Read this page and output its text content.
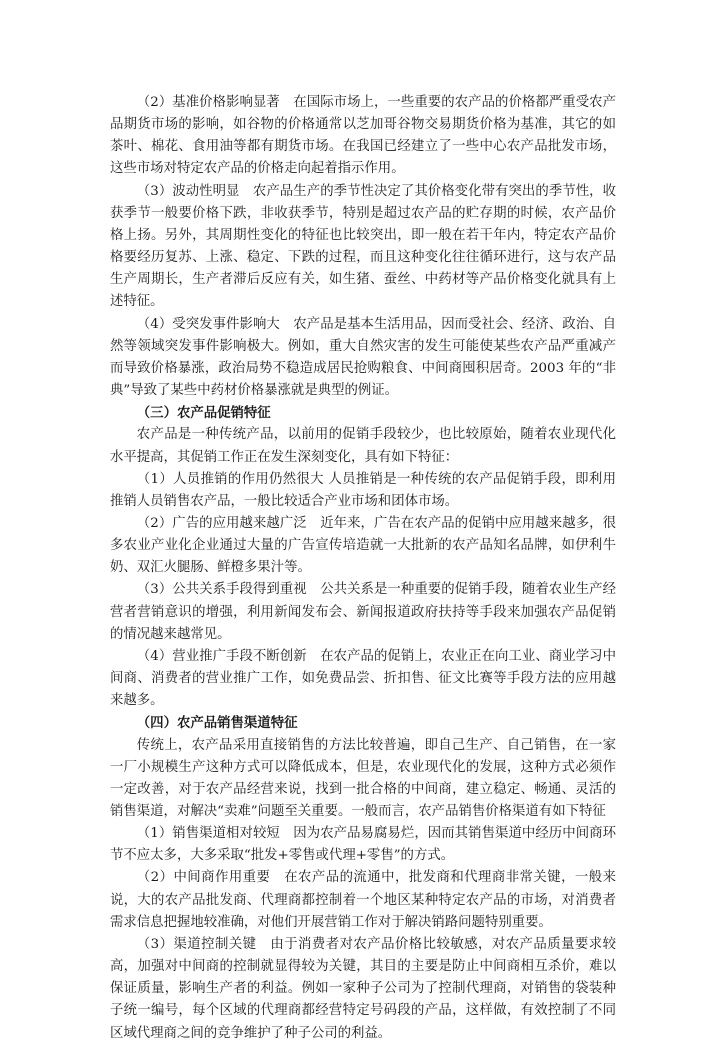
（2）基准价格影响显著　在国际市场上，一些重要的农产品的价格都严重受农产品期货市场的影响，如谷物的价格通常以芝加哥谷物交易期货价格为基准，其它的如茶叶、棉花、食用油等都有期货市场。在我国已经建立了一些中心农产品批发市场，这些市场对特定农产品的价格走向起着指示作用。

（3）波动性明显　农产品生产的季节性决定了其价格变化带有突出的季节性，收获季节一般要价格下跌，非收获季节，特别是超过农产品的贮存期的时候，农产品价格上扬。另外，其周期性变化的特征也比较突出，即一般在若干年内，特定农产品价格要经历复苏、上涨、稳定、下跌的过程，而且这种变化往往循环进行，这与农产品生产周期长，生产者滞后反应有关，如生猪、蚕丝、中药材等产品价格变化就具有上述特征。

（4）受突发事件影响大　农产品是基本生活用品，因而受社会、经济、政治、自然等领域突发事件影响极大。例如，重大自然灾害的发生可能使某些农产品严重减产而导致价格暴涨，政治局势不稳造成居民抢购粮食、中间商囤积居奇。2003 年的“非典”导致了某些中药材价格暴涨就是典型的例证。

（三）农产品促销特征

农产品是一种传统产品，以前用的促销手段较少，也比较原始，随着农业现代化水平提高，其促销工作正在发生深刻变化，具有如下特征：

（1）人员推销的作用仍然很大 人员推销是一种传统的农产品促销手段，即利用推销人员销售农产品，一般比较适合产业市场和团体市场。

（2）广告的应用越来越广泛　近年来，广告在农产品的促销中应用越来越多，很多农业产业化企业通过大量的广告宣传培造就一大批新的农产品知名品牌，如伊利牛奶、双汇火腿肠、鲜橙多果汁等。

（3）公共关系手段得到重视　公共关系是一种重要的促销手段，随着农业生产经营者营销意识的增强，利用新闻发布会、新闻报道政府扶持等手段来加强农产品促销的情况越来越常见。

（4）营业推广手段不断创新　在农产品的促销上，农业正在向工业、商业学习中间商、消费者的营业推广工作，如免费品尝、折扣售、征文比赛等手段方法的应用越来越多。

（四）农产品销售渠道特征

传统上，农产品采用直接销售的方法比较普遍，即自己生产、自己销售，在一家一厂小规模生产这种方式可以降低成本，但是，农业现代化的发展，这种方式必须作一定改善，对于农产品经营来说，找到一批合格的中间商，建立稳定、畅通、灵活的销售渠道，对解决“卖难”问题至关重要。一般而言，农产品销售价格渠道有如下特征

（1）销售渠道相对较短　因为农产品易腐易烂，因而其销售渠道中经历中间商环节不应太多，大多采取“批发+零售或代理+零售”的方式。

（2）中间商作用重要　在农产品的流通中，批发商和代理商非常关键，一般来说，大的农产品批发商、代理商都控制着一个地区某种特定农产品的市场，对消费者需求信息把握地较准确，对他们开展营销工作对于解决销路问题特别重要。

（3）渠道控制关键　由于消费者对农产品价格比较敏感，对农产品质量要求较高，加强对中间商的控制就显得较为关键，其目的主要是防止中间商相互杀价，难以保证质量，影响生产者的利益。例如一家种子公司为了控制代理商，对销售的袋装种子统一编号，每个区域的代理商都经营特定号码段的产品，这样做，有效控制了不同区域代理商之间的竞争维护了种子公司的利益。
